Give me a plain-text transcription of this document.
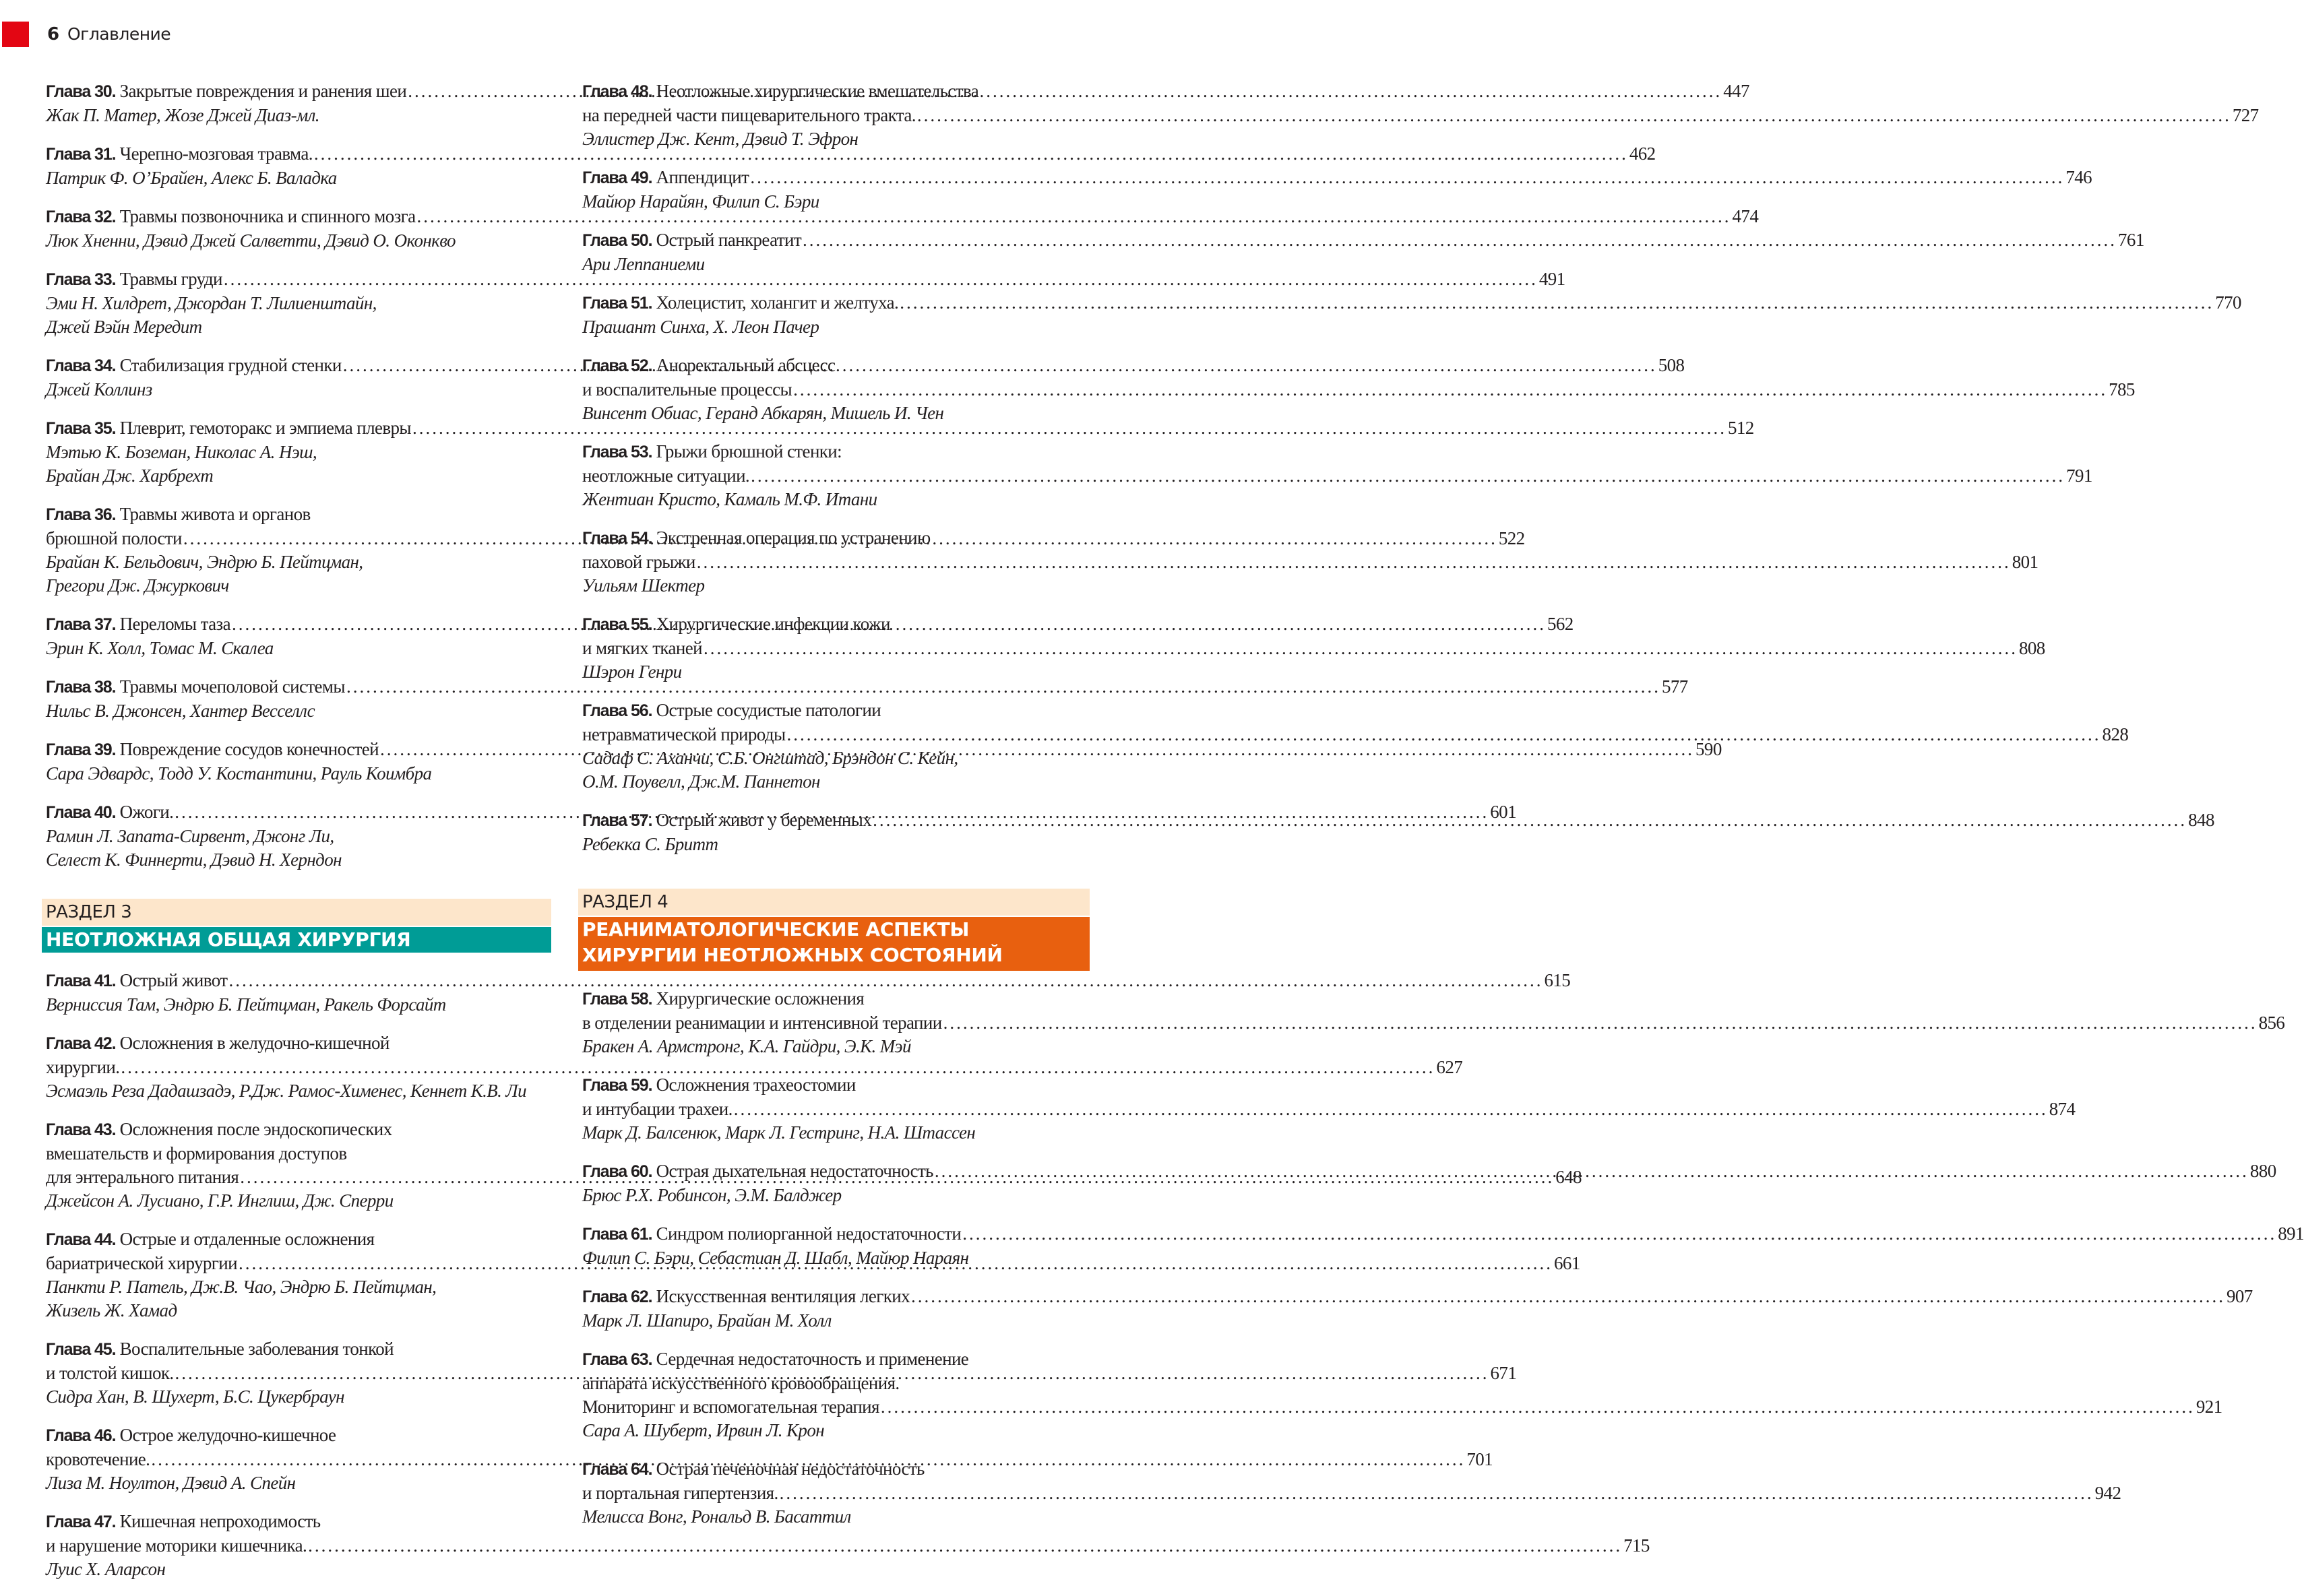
6 Оглавление
Глава 30. Закрытые повреждения и ранения шеи .....	447
Жак П. Матер, Жозе Джей Диаз-мл.
Глава 31. Черепно-мозговая травма. .....	462
Патрик Ф. О’Брайен, Алекс Б. Валадка
Глава 32. Травмы позвоночника и спинного мозга .....	474
Люк Хненни, Дэвид Джей Салветти, Дэвид О. Оконкво
Глава 33. Травмы груди .....	491
Эми Н. Хилдрет, Джордан Т. Лилиенштайн,
Джей Вэйн Мередит
Глава 34. Стабилизация грудной стенки .....	508
Джей Коллинз
Глава 35. Плеврит, гемоторакс и эмпиема плевры .....	512
Мэтью К. Боземан, Николас А. Нэш,
Брайан Дж. Харбрехт
Глава 36. Травмы живота и органов
брюшной полости .....	522
Брайан К. Бельдович, Эндрю Б. Пейтцман,
Грегори Дж. Джуркович
Глава 37. Переломы таза .....	562
Эрин К. Холл, Томас М. Скалеа
Глава 38. Травмы мочеполовой системы .....	577
Нильс В. Джонсен, Хантер Весселлс
Глава 39. Повреждение сосудов конечностей .....	590
Сара Эдвардс, Тодд У. Костантини, Рауль Коимбра
Глава 40. Ожоги. .....	601
Рамин Л. Запата-Сирвент, Джонг Ли,
Селест К. Финнерти, Дэвид Н. Херндон
РАЗДЕЛ 3
НЕОТЛОЖНАЯ ОБЩАЯ ХИРУРГИЯ
Глава 41. Острый живот .....	615
Верниссия Там, Эндрю Б. Пейтцман, Ракель Форсайт
Глава 42. Осложнения в желудочно-кишечной
хирургии. .....	627
Эсмаэль Реза Дадашзадэ, Р.Дж. Рамос-Хименес, Кеннет К.В. Ли
Глава 43. Осложнения после эндоскопических
вмешательств и формирования доступов
для энтерального питания .....	648
Джейсон А. Лусиано, Г.Р. Инглиш, Дж. Сперри
Глава 44. Острые и отдаленные осложнения
бариатрической хирургии .....	661
Панкти Р. Патель, Дж.В. Чао, Эндрю Б. Пейтцман,
Жизель Ж. Хамад
Глава 45. Воспалительные заболевания тонкой
и толстой кишок. .....	671
Сидра Хан, В. Шухерт, Б.С. Цукербраун
Глава 46. Острое желудочно-кишечное
кровотечение. .....	701
Лиза М. Ноултон, Дэвид А. Спейн
Глава 47. Кишечная непроходимость
и нарушение моторики кишечника. .....	715
Луис Х. Аларсон
Глава 48. Неотложные хирургические вмешательства
на передней части пищеварительного тракта. .....	727
Эллистер Дж. Кент, Дэвид Т. Эфрон
Глава 49. Аппендицит .....	746
Майюр Нарайян, Филип С. Бэри
Глава 50. Острый панкреатит .....	761
Ари Леппаниеми
Глава 51. Холецистит, холангит и желтуха. .....	770
Прашант Синха, Х. Леон Пачер
Глава 52. Аноректальный абсцесс
и воспалительные процессы .....	785
Винсент Обиас, Геранд Абкарян, Мишель И. Чен
Глава 53. Грыжи брюшной стенки:
неотложные ситуации. .....	791
Жентиан Кристо, Камаль М.Ф. Итани
Глава 54. Экстренная операция по устранению
паховой грыжи .....	801
Уильям Шектер
Глава 55. Хирургические инфекции кожи
и мягких тканей .....	808
Шэрон Генри
Глава 56. Острые сосудистые патологии
нетравматической природы .....	828
Садаф С. Аханчи, С.Б. Онгштад, Брэндон С. Кейн,
О.М. Поувелл, Дж.М. Паннетон
Глава 57. Острый живот у беременных .....	848
Ребекка С. Бритт
РАЗДЕЛ 4
РЕАНИМАТОЛОГИЧЕСКИЕ АСПЕКТЫ
ХИРУРГИИ НЕОТЛОЖНЫХ СОСТОЯНИЙ
Глава 58. Хирургические осложнения
в отделении реанимации и интенсивной терапии .....	856
Бракен А. Армстронг, К.А. Гайдри, Э.К. Мэй
Глава 59. Осложнения трахеостомии
и интубации трахеи. .....	874
Марк Д. Балсенюк, Марк Л. Гестринг, Н.А. Штассен
Глава 60. Острая дыхательная недостаточность .....	880
Брюс Р.Х. Робинсон, Э.М. Балджер
Глава 61. Синдром полиорганной недостаточности .....	891
Филип С. Бэри, Себастиан Д. Шабл, Майюр Нараян
Глава 62. Искусственная вентиляция легких .....	907
Марк Л. Шапиро, Брайан М. Холл
Глава 63. Сердечная недостаточность и применение
аппарата искусственного кровообращения.
Мониторинг и вспомогательная терапия .....	921
Сара А. Шуберт, Ирвин Л. Крон
Глава 64. Острая печеночная недостаточность
и портальная гипертензия. .....	942
Мелисса Вонг, Рональд В. Басаттил
